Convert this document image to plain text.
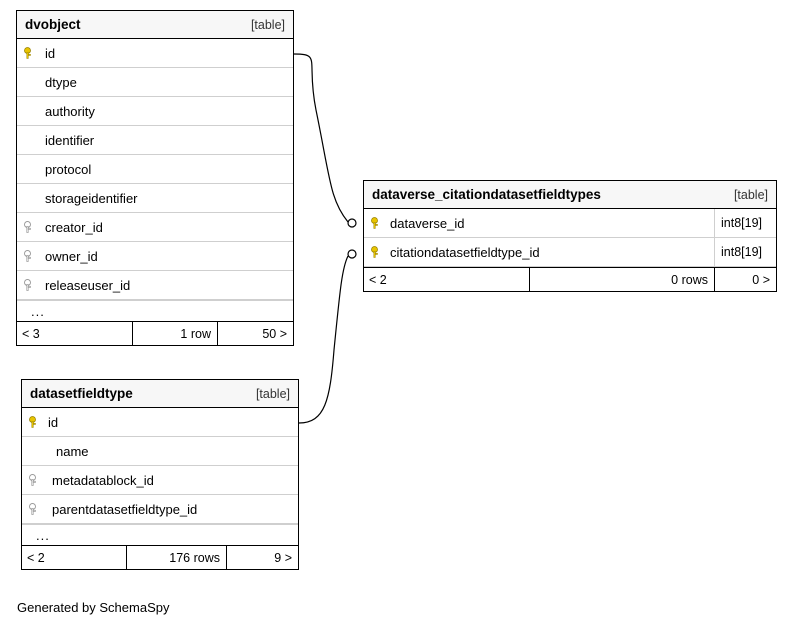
dvobject	[table]
id
dtype
authority
identifier
protocol
storageidentifier
creator_id
owner_id
releaseuser_id
...
< 3	1 row	50 >
dataverse_citationdatasetfieldtypes	[table]
dataverse_id	int8[19]
citationdatasetfieldtype_id	int8[19]
< 2	0 rows	0 >
datasetfieldtype	[table]
id
name
metadatablock_id
parentdatasetfieldtype_id
...
< 2	176 rows	9 >
Generated by SchemaSpy
